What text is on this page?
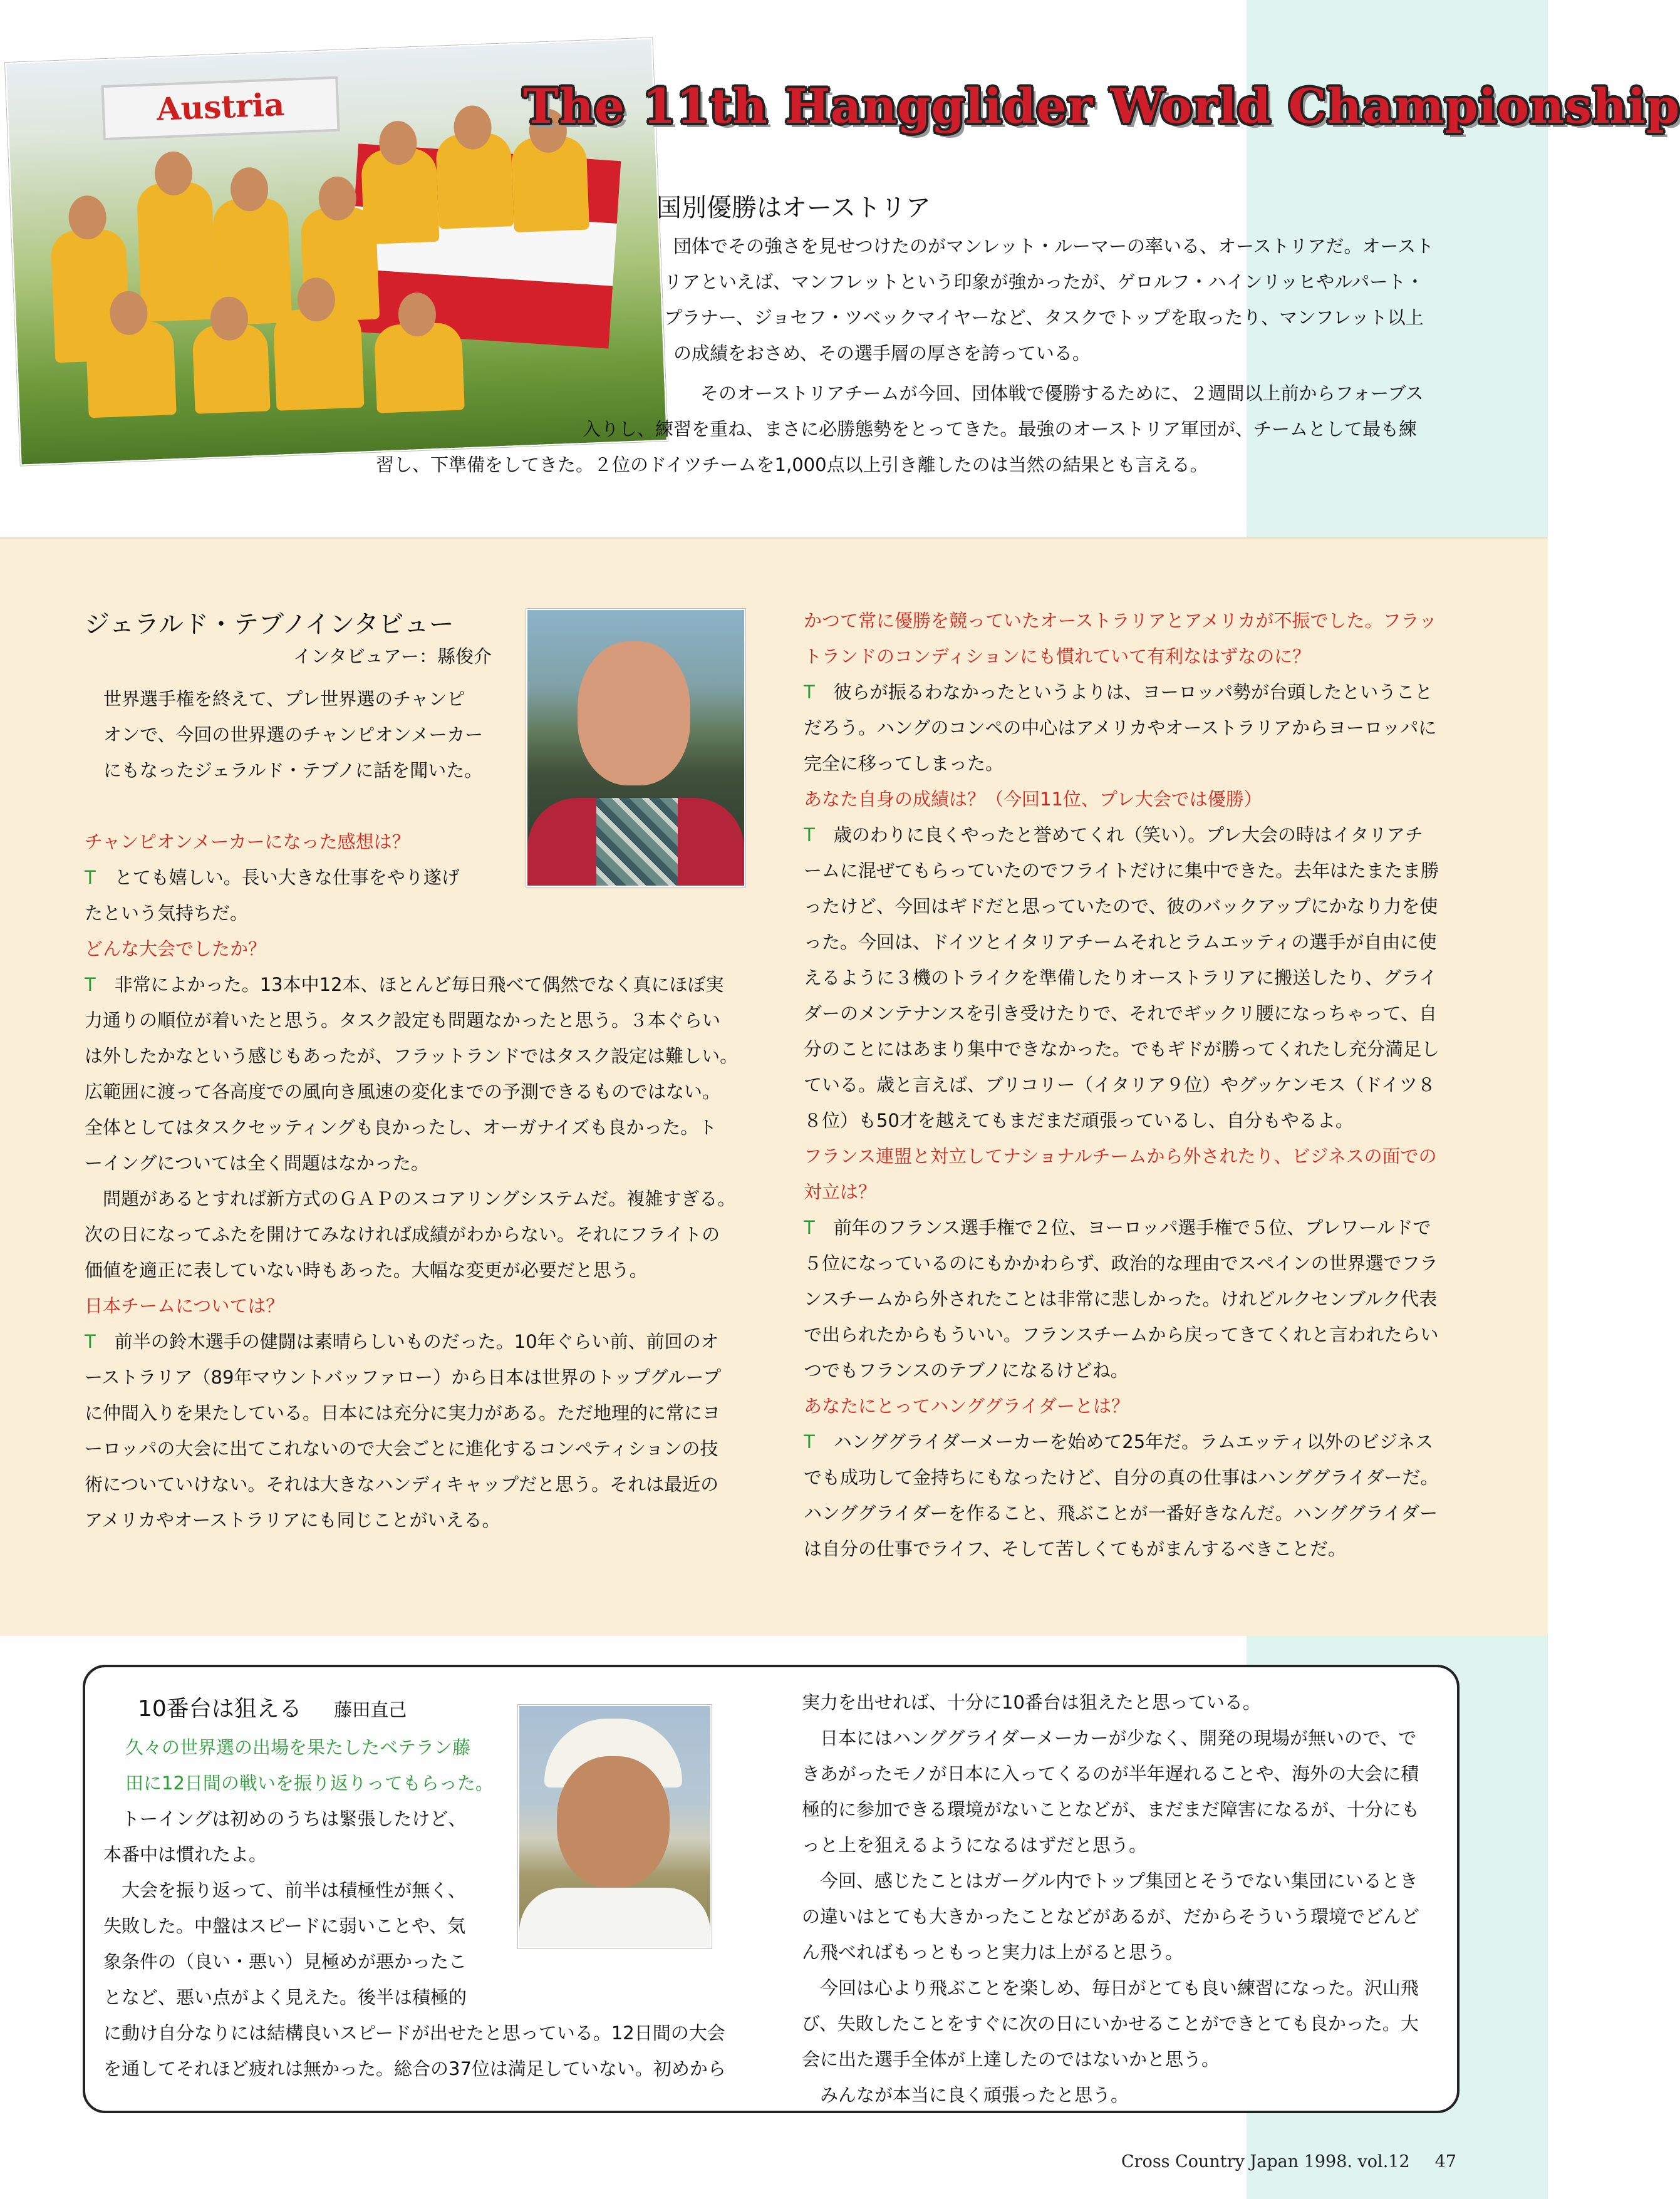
Austria	The 11th Hangglider World Championship
国別優勝はオーストリア
団体でその強さを見せつけたのがマンレット・ルーマーの率いる、オーストリアだ。オースト
リアといえば、マンフレットという印象が強かったが、ゲロルフ・ハインリッヒやルパート・
プラナー、ジョセフ・ツベックマイヤーなど、タスクでトップを取ったり、マンフレット以上
の成績をおさめ、その選手層の厚さを誇っている。
そのオーストリアチームが今回、団体戦で優勝するために、２週間以上前からフォーブス
入りし、練習を重ね、まさに必勝態勢をとってきた。最強のオーストリア軍団が、チームとして最も練
習し、下準備をしてきた。２位のドイツチームを1,000点以上引き離したのは当然の結果とも言える。
ジェラルド・テブノインタビュー
インタビュアー：縣俊介
世界選手権を終えて、プレ世界選のチャンピ
オンで、今回の世界選のチャンピオンメーカー
にもなったジェラルド・テブノに話を聞いた。
チャンピオンメーカーになった感想は？
T とても嬉しい。長い大きな仕事をやり遂げ
たという気持ちだ。
どんな大会でしたか？
T 非常によかった。13本中12本、ほとんど毎日飛べて偶然でなく真にほぼ実
力通りの順位が着いたと思う。タスク設定も問題なかったと思う。３本ぐらい
は外したかなという感じもあったが、フラットランドではタスク設定は難しい。
広範囲に渡って各高度での風向き風速の変化までの予測できるものではない。
全体としてはタスクセッティングも良かったし、オーガナイズも良かった。ト
ーイングについては全く問題はなかった。
　問題があるとすれば新方式のＧＡＰのスコアリングシステムだ。複雑すぎる。
次の日になってふたを開けてみなければ成績がわからない。それにフライトの
価値を適正に表していない時もあった。大幅な変更が必要だと思う。
日本チームについては？
T 前半の鈴木選手の健闘は素晴らしいものだった。10年ぐらい前、前回のオ
ーストラリア（89年マウントバッファロー）から日本は世界のトップグループ
に仲間入りを果たしている。日本には充分に実力がある。ただ地理的に常にヨ
ーロッパの大会に出てこれないので大会ごとに進化するコンペティションの技
術についていけない。それは大きなハンディキャップだと思う。それは最近の
アメリカやオーストラリアにも同じことがいえる。
かつて常に優勝を競っていたオーストラリアとアメリカが不振でした。フラッ
トランドのコンディションにも慣れていて有利なはずなのに？
T 彼らが振るわなかったというよりは、ヨーロッパ勢が台頭したということ
だろう。ハングのコンペの中心はアメリカやオーストラリアからヨーロッパに
完全に移ってしまった。
あなた自身の成績は？（今回11位、プレ大会では優勝）
T 歳のわりに良くやったと誉めてくれ（笑い）。プレ大会の時はイタリアチ
ームに混ぜてもらっていたのでフライトだけに集中できた。去年はたまたま勝
ったけど、今回はギドだと思っていたので、彼のバックアップにかなり力を使
った。今回は、ドイツとイタリアチームそれとラムエッティの選手が自由に使
えるように３機のトライクを準備したりオーストラリアに搬送したり、グライ
ダーのメンテナンスを引き受けたりで、それでギックリ腰になっちゃって、自
分のことにはあまり集中できなかった。でもギドが勝ってくれたし充分満足し
ている。歳と言えば、ブリコリー（イタリア９位）やグッケンモス（ドイツ８
８位）も50才を越えてもまだまだ頑張っているし、自分もやるよ。
フランス連盟と対立してナショナルチームから外されたり、ビジネスの面での
対立は？
T 前年のフランス選手権で２位、ヨーロッパ選手権で５位、プレワールドで
５位になっているのにもかかわらず、政治的な理由でスペインの世界選でフラ
ンスチームから外されたことは非常に悲しかった。けれどルクセンブルク代表
で出られたからもういい。フランスチームから戻ってきてくれと言われたらい
つでもフランスのテブノになるけどね。
あなたにとってハンググライダーとは？
T ハンググライダーメーカーを始めて25年だ。ラムエッティ以外のビジネス
でも成功して金持ちにもなったけど、自分の真の仕事はハンググライダーだ。
ハンググライダーを作ること、飛ぶことが一番好きなんだ。ハンググライダー
は自分の仕事でライフ、そして苦しくてもがまんするべきことだ。
10番台は狙える 藤田直己
久々の世界選の出場を果たしたベテラン藤
田に12日間の戦いを振り返りってもらった。
　トーイングは初めのうちは緊張したけど、
本番中は慣れたよ。
　大会を振り返って、前半は積極性が無く、
失敗した。中盤はスピードに弱いことや、気
象条件の（良い・悪い）見極めが悪かったこ
となど、悪い点がよく見えた。後半は積極的
に動け自分なりには結構良いスピードが出せたと思っている。12日間の大会
を通してそれほど疲れは無かった。総合の37位は満足していない。初めから
実力を出せれば、十分に10番台は狙えたと思っている。
　日本にはハンググライダーメーカーが少なく、開発の現場が無いので、で
きあがったモノが日本に入ってくるのが半年遅れることや、海外の大会に積
極的に参加できる環境がないことなどが、まだまだ障害になるが、十分にも
っと上を狙えるようになるはずだと思う。
　今回、感じたことはガーグル内でトップ集団とそうでない集団にいるとき
の違いはとても大きかったことなどがあるが、だからそういう環境でどんど
ん飛べればもっともっと実力は上がると思う。
　今回は心より飛ぶことを楽しめ、毎日がとても良い練習になった。沢山飛
び、失敗したことをすぐに次の日にいかせることができとても良かった。大
会に出た選手全体が上達したのではないかと思う。
　みんなが本当に良く頑張ったと思う。
Cross Country Japan 1998. vol.12 47
